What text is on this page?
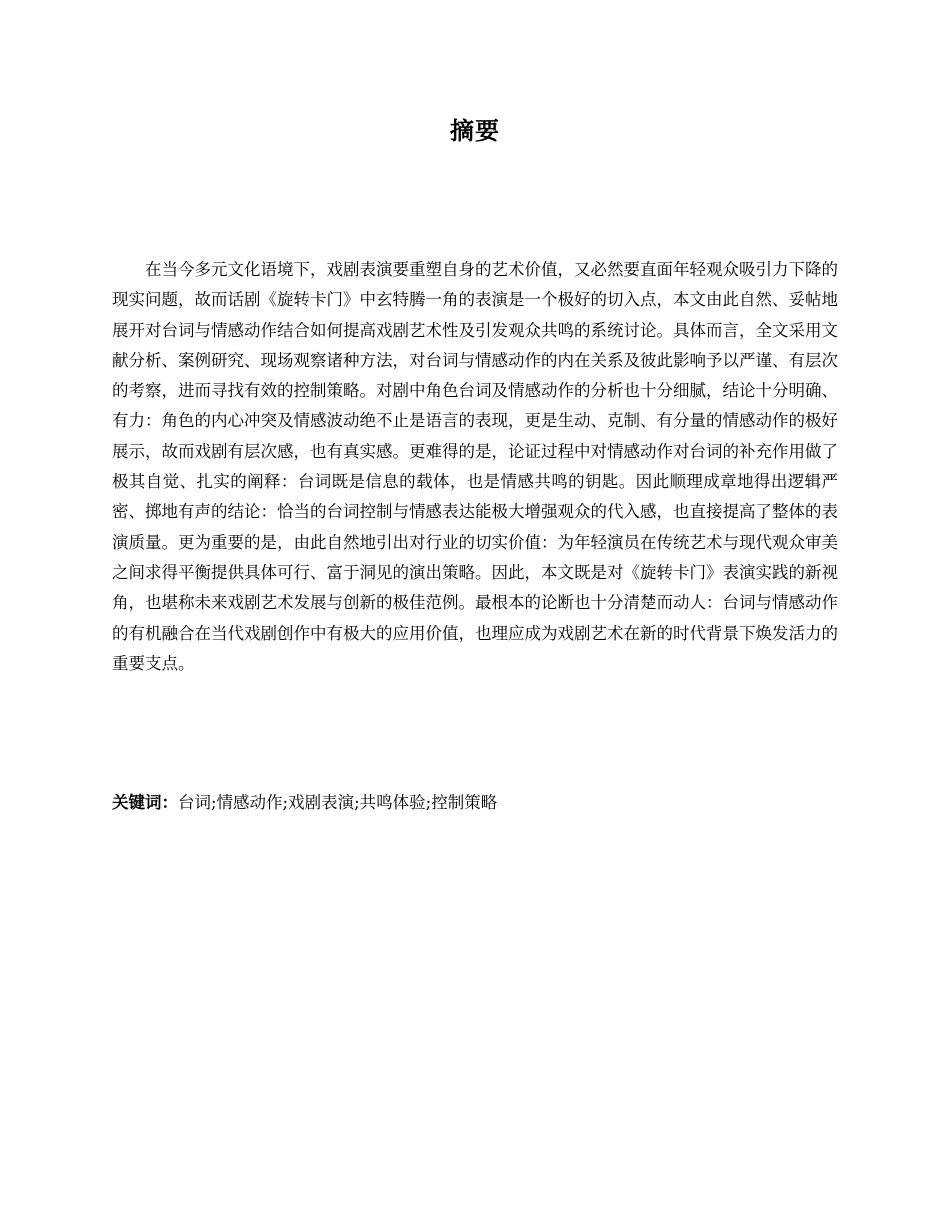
摘要

在当今多元文化语境下，戏剧表演要重塑自身的艺术价值，又必然要直面年轻观众吸引力下降的现实问题，故而话剧《旋转卡门》中玄特腾一角的表演是一个极好的切入点，本文由此自然、妥帖地展开对台词与情感动作结合如何提高戏剧艺术性及引发观众共鸣的系统讨论。具体而言，全文采用文献分析、案例研究、现场观察诸种方法，对台词与情感动作的内在关系及彼此影响予以严谨、有层次的考察，进而寻找有效的控制策略。对剧中角色台词及情感动作的分析也十分细腻，结论十分明确、有力：角色的内心冲突及情感波动绝不止是语言的表现，更是生动、克制、有分量的情感动作的极好展示，故而戏剧有层次感，也有真实感。更难得的是，论证过程中对情感动作对台词的补充作用做了极其自觉、扎实的阐释：台词既是信息的载体，也是情感共鸣的钥匙。因此顺理成章地得出逻辑严密、掷地有声的结论：恰当的台词控制与情感表达能极大增强观众的代入感，也直接提高了整体的表演质量。更为重要的是，由此自然地引出对行业的切实价值：为年轻演员在传统艺术与现代观众审美之间求得平衡提供具体可行、富于洞见的演出策略。因此，本文既是对《旋转卡门》表演实践的新视角，也堪称未来戏剧艺术发展与创新的极佳范例。最根本的论断也十分清楚而动人：台词与情感动作的有机融合在当代戏剧创作中有极大的应用价值，也理应成为戏剧艺术在新的时代背景下焕发活力的重要支点。

关键词：台词;情感动作;戏剧表演;共鸣体验;控制策略
